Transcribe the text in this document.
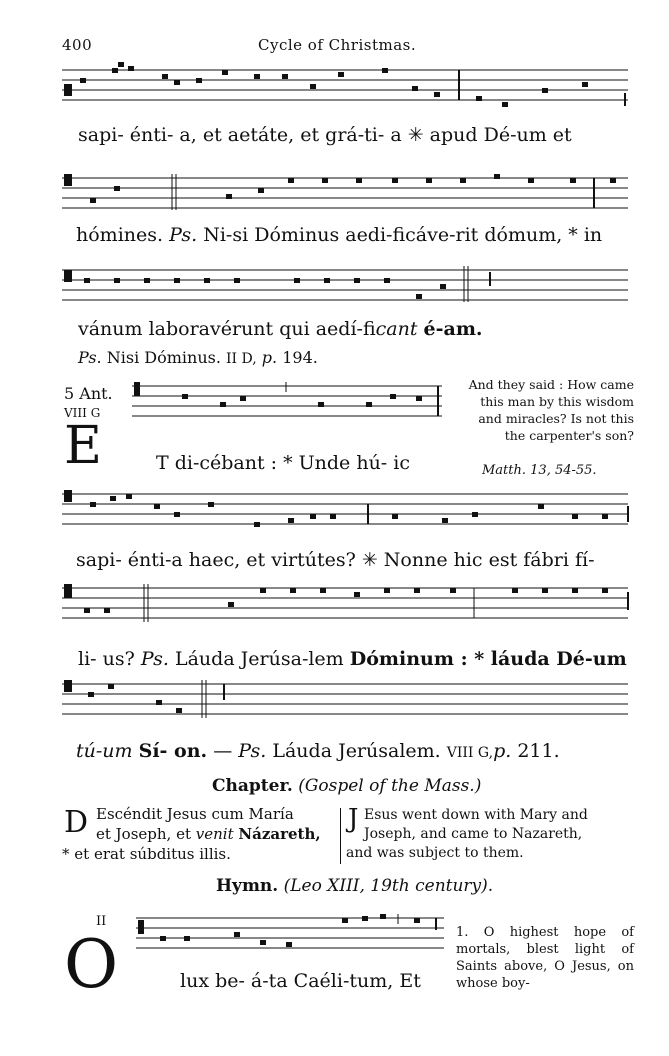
400	Cycle of Christmas.
sapi- énti- a, et aetáte, et grá-ti- a ✳ apud Dé-um et
hómines. Ps. Ni-si Dóminus aedi-ficáve-rit dómum, * in
vánum laboravérunt qui aedí-ficant é-am.
Ps. Nisi Dóminus. II D, p. 194.
5 Ant.
VIII G
E	T di-cébant : * Unde hú- ic
And they said : How came this man by this wisdom and miracles? Is not this the carpenter's son?
Matth. 13, 54-55.
sapi- énti-a haec, et virtútes? ✳ Nonne hic est fábri fí-
li- us? Ps. Láuda Jerúsa-lem Dóminum : * láuda Dé-um
tú-um Sí- on. — Ps. Láuda Jerúsalem. VIII G,p. 211.
Chapter. (Gospel of the Mass.)
D Escéndit Jesus cum María
et Joseph, et venit Názareth,
* et erat súbditus illis.
J Esus went down with Mary and
Joseph, and came to Nazareth,
and was subject to them.
Hymn. (Leo XIII, 19th century).
II
O	lux be- á-ta Caéli-tum, Et
1. O highest hope of mortals, blest light of Saints above, O Jesus, on whose boy-
